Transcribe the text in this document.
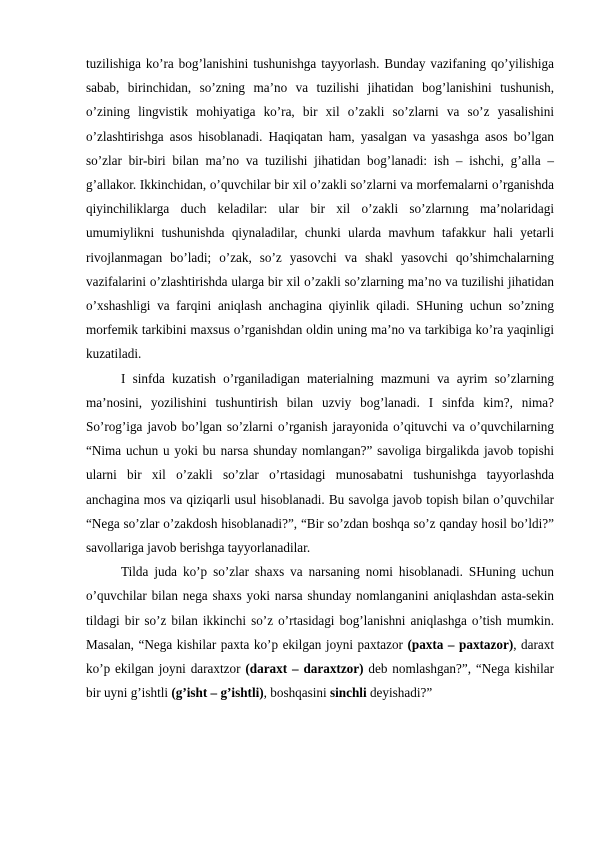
tuzilishiga ko’ra bog’lanishini tushunishga tayyorlash. Bunday vazifaning qo’yilishiga sabab, birinchidan, so’zning ma’no va tuzilishi jihatidan bog’lanishini tushunish, o’zining lingvistik mohiyatiga ko’ra, bir xil o’zakli so’zlarni va so’z yasalishini o’zlashtirishga asos hisoblanadi. Haqiqatan ham, yasalgan va yasashga asos bo’lgan so’zlar bir-biri bilan ma’no va tuzilishi jihatidan bog’lanadi: ish – ishchi, g’alla – g’allakor. Ikkinchidan, o’quvchilar bir xil o’zakli so’zlarni va morfemalarni o’rganishda qiyinchiliklarga duch keladilar: ular bir xil o’zakli so’zlarnıng ma’nolaridagi umumiylikni tushunishda qiynaladilar, chunki ularda mavhum tafakkur hali yetarli rivojlanmagan bo’ladi; o’zak, so’z yasovchi va shakl yasovchi qo’shimchalarning vazifalarini o’zlashtirishda ularga bir xil o’zakli so’zlarning ma’no va tuzilishi jihatidan o’xshashligi va farqini aniqlash anchagina qiyinlik qiladi. SHuning uchun so’zning morfemik tarkibini maxsus o’rganishdan oldin uning ma’no va tarkibiga ko’ra yaqinligi kuzatiladi.

I sinfda kuzatish o’rganiladigan materialning mazmuni va ayrim so’zlarning ma’nosini, yozilishini tushuntirish bilan uzviy bog’lanadi. I sinfda kim?, nima? So’rog’iga javob bo’lgan so’zlarni o’rganish jarayonida o’qituvchi va o’quvchilarning “Nima uchun u yoki bu narsa shunday nomlangan?” savoliga birgalikda javob topishi ularni bir xil o’zakli so’zlar o’rtasidagi munosabatni tushunishga tayyorlashda anchagina mos va qiziqarli usul hisoblanadi. Bu savolga javob topish bilan o’quvchilar “Nega so’zlar o’zakdosh hisoblanadi?”, “Bir so’zdan boshqa so’z qanday hosil bo’ldi?” savollariga javob berishga tayyorlanadilar.

Tilda juda ko’p so’zlar shaxs va narsaning nomi hisoblanadi. SHuning uchun o’quvchilar bilan nega shaxs yoki narsa shunday nomlanganini aniqlashdan asta-sekin tildagi bir so’z bilan ikkinchi so’z o’rtasidagi bog’lanishni aniqlashga o’tish mumkin. Masalan, “Nega kishilar paxta ko’p ekilgan joyni paxtazor (paxta – paxtazor), daraxt ko’p ekilgan joyni daraxtzor (daraxt – daraxtzor) deb nomlashgan?”, “Nega kishilar bir uyni g’ishtli (g’isht – g’ishtli), boshqasini sinchli deyishadi?”
